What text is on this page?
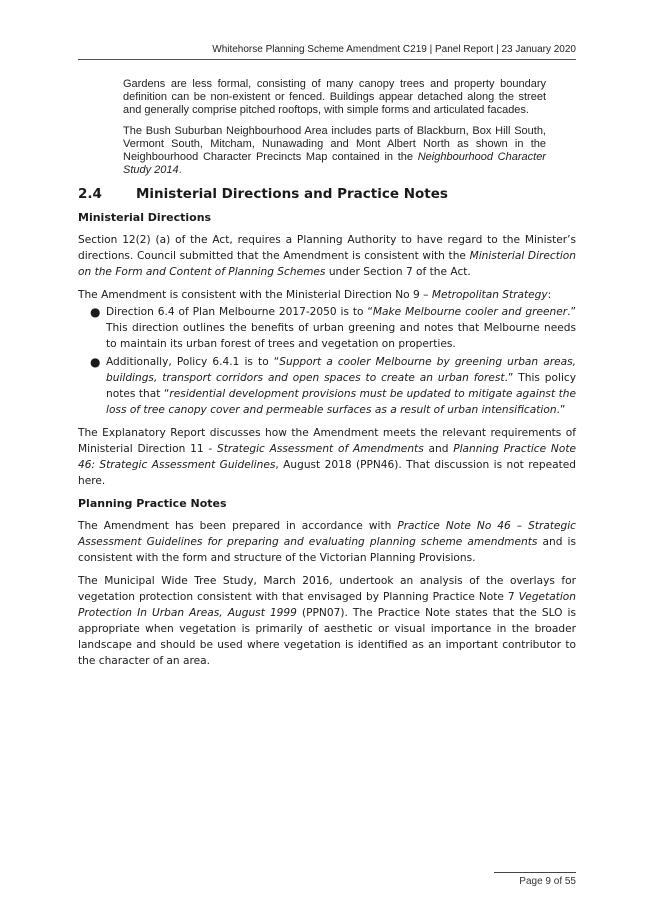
Whitehorse Planning Scheme Amendment C219 | Panel Report | 23 January 2020

Gardens are less formal, consisting of many canopy trees and property boundary definition can be non-existent or fenced. Buildings appear detached along the street and generally comprise pitched rooftops, with simple forms and articulated facades.

The Bush Suburban Neighbourhood Area includes parts of Blackburn, Box Hill South, Vermont South, Mitcham, Nunawading and Mont Albert North as shown in the Neighbourhood Character Precincts Map contained in the Neighbourhood Character Study 2014.

2.4	Ministerial Directions and Practice Notes
Ministerial Directions

Section 12(2) (a) of the Act, requires a Planning Authority to have regard to the Minister’s directions. Council submitted that the Amendment is consistent with the Ministerial Direction on the Form and Content of Planning Schemes under Section 7 of the Act.

The Amendment is consistent with the Ministerial Direction No 9 – Metropolitan Strategy:

● Direction 6.4 of Plan Melbourne 2017-2050 is to “Make Melbourne cooler and greener.” This direction outlines the benefits of urban greening and notes that Melbourne needs to maintain its urban forest of trees and vegetation on properties.
● Additionally, Policy 6.4.1 is to “Support a cooler Melbourne by greening urban areas, buildings, transport corridors and open spaces to create an urban forest.” This policy notes that “residential development provisions must be updated to mitigate against the loss of tree canopy cover and permeable surfaces as a result of urban intensification.”

The Explanatory Report discusses how the Amendment meets the relevant requirements of Ministerial Direction 11 - Strategic Assessment of Amendments and Planning Practice Note 46: Strategic Assessment Guidelines, August 2018 (PPN46). That discussion is not repeated here.

Planning Practice Notes

The Amendment has been prepared in accordance with Practice Note No 46 – Strategic Assessment Guidelines for preparing and evaluating planning scheme amendments and is consistent with the form and structure of the Victorian Planning Provisions.

The Municipal Wide Tree Study, March 2016, undertook an analysis of the overlays for vegetation protection consistent with that envisaged by Planning Practice Note 7 Vegetation Protection In Urban Areas, August 1999 (PPN07). The Practice Note states that the SLO is appropriate when vegetation is primarily of aesthetic or visual importance in the broader landscape and should be used where vegetation is identified as an important contributor to the character of an area.

Page 9 of 55
